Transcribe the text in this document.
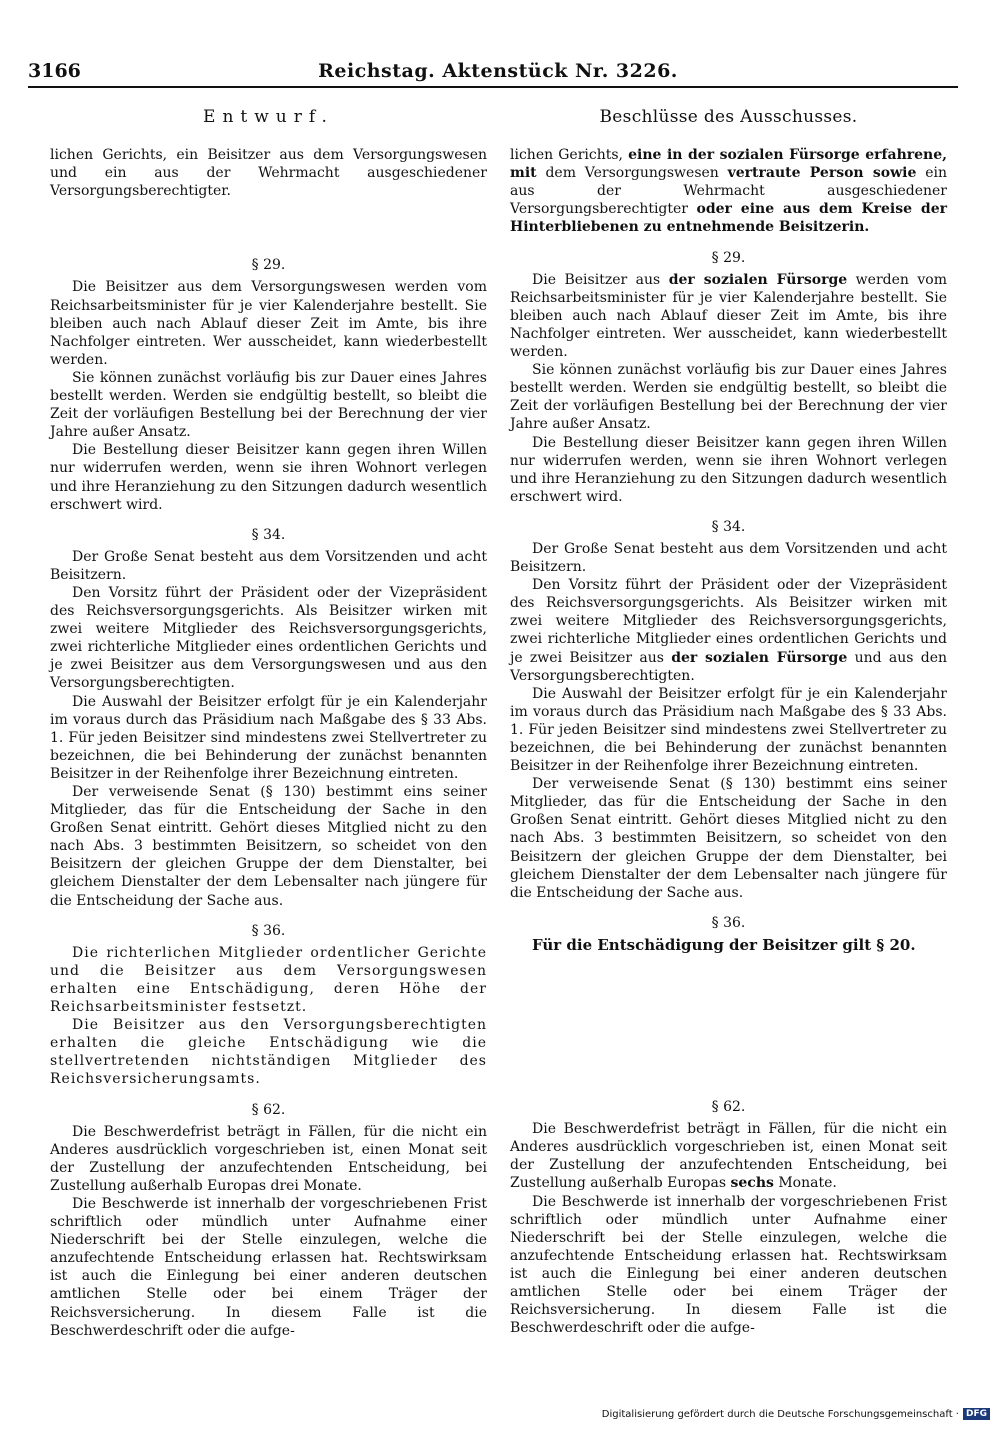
3166	Reichstag. Aktenstück Nr. 3226.
Entwurf.

lichen Gerichts, ein Beisitzer aus dem Versorgungswesen und ein aus der Wehrmacht ausgeschiedener Versorgungsberechtigter.

§ 29.

Die Beisitzer aus dem Versorgungswesen werden vom Reichsarbeitsminister für je vier Kalenderjahre bestellt. Sie bleiben auch nach Ablauf dieser Zeit im Amte, bis ihre Nachfolger eintreten. Wer ausscheidet, kann wiederbestellt werden.

Sie können zunächst vorläufig bis zur Dauer eines Jahres bestellt werden. Werden sie endgültig bestellt, so bleibt die Zeit der vorläufigen Bestellung bei der Berechnung der vier Jahre außer Ansatz.

Die Bestellung dieser Beisitzer kann gegen ihren Willen nur widerrufen werden, wenn sie ihren Wohnort verlegen und ihre Heranziehung zu den Sitzungen dadurch wesentlich erschwert wird.

§ 34.

Der Große Senat besteht aus dem Vorsitzenden und acht Beisitzern.

Den Vorsitz führt der Präsident oder der Vizepräsident des Reichsversorgungsgerichts. Als Beisitzer wirken mit zwei weitere Mitglieder des Reichsversorgungsgerichts, zwei richterliche Mitglieder eines ordentlichen Gerichts und je zwei Beisitzer aus dem Versorgungswesen und aus den Versorgungsberechtigten.

Die Auswahl der Beisitzer erfolgt für je ein Kalenderjahr im voraus durch das Präsidium nach Maßgabe des § 33 Abs. 1. Für jeden Beisitzer sind mindestens zwei Stellvertreter zu bezeichnen, die bei Behinderung der zunächst benannten Beisitzer in der Reihenfolge ihrer Bezeichnung eintreten.

Der verweisende Senat (§ 130) bestimmt eins seiner Mitglieder, das für die Entscheidung der Sache in den Großen Senat eintritt. Gehört dieses Mitglied nicht zu den nach Abs. 3 bestimmten Beisitzern, so scheidet von den Beisitzern der gleichen Gruppe der dem Dienstalter, bei gleichem Dienstalter der dem Lebensalter nach jüngere für die Entscheidung der Sache aus.

§ 36.

Die richterlichen Mitglieder ordentlicher Gerichte und die Beisitzer aus dem Versorgungswesen erhalten eine Entschädigung, deren Höhe der Reichsarbeitsminister festsetzt.

Die Beisitzer aus den Versorgungsberechtigten erhalten die gleiche Entschädigung wie die stellvertretenden nichtständigen Mitglieder des Reichsversicherungsamts.

§ 62.

Die Beschwerdefrist beträgt in Fällen, für die nicht ein Anderes ausdrücklich vorgeschrieben ist, einen Monat seit der Zustellung der anzufechtenden Entscheidung, bei Zustellung außerhalb Europas drei Monate.

Die Beschwerde ist innerhalb der vorgeschriebenen Frist schriftlich oder mündlich unter Aufnahme einer Niederschrift bei der Stelle einzulegen, welche die anzufechtende Entscheidung erlassen hat. Rechtswirksam ist auch die Einlegung bei einer anderen deutschen amtlichen Stelle oder bei einem Träger der Reichsversicherung. In diesem Falle ist die Beschwerdeschrift oder die aufge-

Beschlüsse des Ausschusses.

lichen Gerichts, eine in der sozialen Fürsorge erfahrene, mit dem Versorgungswesen vertraute Person sowie ein aus der Wehrmacht ausgeschiedener Versorgungsberechtigter oder eine aus dem Kreise der Hinterbliebenen zu entnehmende Beisitzerin.

§ 29.

Die Beisitzer aus der sozialen Fürsorge werden vom Reichsarbeitsminister für je vier Kalenderjahre bestellt. Sie bleiben auch nach Ablauf dieser Zeit im Amte, bis ihre Nachfolger eintreten. Wer ausscheidet, kann wiederbestellt werden.

Sie können zunächst vorläufig bis zur Dauer eines Jahres bestellt werden. Werden sie endgültig bestellt, so bleibt die Zeit der vorläufigen Bestellung bei der Berechnung der vier Jahre außer Ansatz.

Die Bestellung dieser Beisitzer kann gegen ihren Willen nur widerrufen werden, wenn sie ihren Wohnort verlegen und ihre Heranziehung zu den Sitzungen dadurch wesentlich erschwert wird.

§ 34.

Der Große Senat besteht aus dem Vorsitzenden und acht Beisitzern.

Den Vorsitz führt der Präsident oder der Vizepräsident des Reichsversorgungsgerichts. Als Beisitzer wirken mit zwei weitere Mitglieder des Reichsversorgungsgerichts, zwei richterliche Mitglieder eines ordentlichen Gerichts und je zwei Beisitzer aus der sozialen Fürsorge und aus den Versorgungsberechtigten.

Die Auswahl der Beisitzer erfolgt für je ein Kalenderjahr im voraus durch das Präsidium nach Maßgabe des § 33 Abs. 1. Für jeden Beisitzer sind mindestens zwei Stellvertreter zu bezeichnen, die bei Behinderung der zunächst benannten Beisitzer in der Reihenfolge ihrer Bezeichnung eintreten.

Der verweisende Senat (§ 130) bestimmt eins seiner Mitglieder, das für die Entscheidung der Sache in den Großen Senat eintritt. Gehört dieses Mitglied nicht zu den nach Abs. 3 bestimmten Beisitzern, so scheidet von den Beisitzern der gleichen Gruppe der dem Dienstalter, bei gleichem Dienstalter der dem Lebensalter nach jüngere für die Entscheidung der Sache aus.

§ 36.

Für die Entschädigung der Beisitzer gilt § 20.

§ 62.

Die Beschwerdefrist beträgt in Fällen, für die nicht ein Anderes ausdrücklich vorgeschrieben ist, einen Monat seit der Zustellung der anzufechtenden Entscheidung, bei Zustellung außerhalb Europas sechs Monate.

Die Beschwerde ist innerhalb der vorgeschriebenen Frist schriftlich oder mündlich unter Aufnahme einer Niederschrift bei der Stelle einzulegen, welche die anzufechtende Entscheidung erlassen hat. Rechtswirksam ist auch die Einlegung bei einer anderen deutschen amtlichen Stelle oder bei einem Träger der Reichsversicherung. In diesem Falle ist die Beschwerdeschrift oder die aufge-

Digitalisierung gefördert durch die Deutsche Forschungsgemeinschaft · DFG
